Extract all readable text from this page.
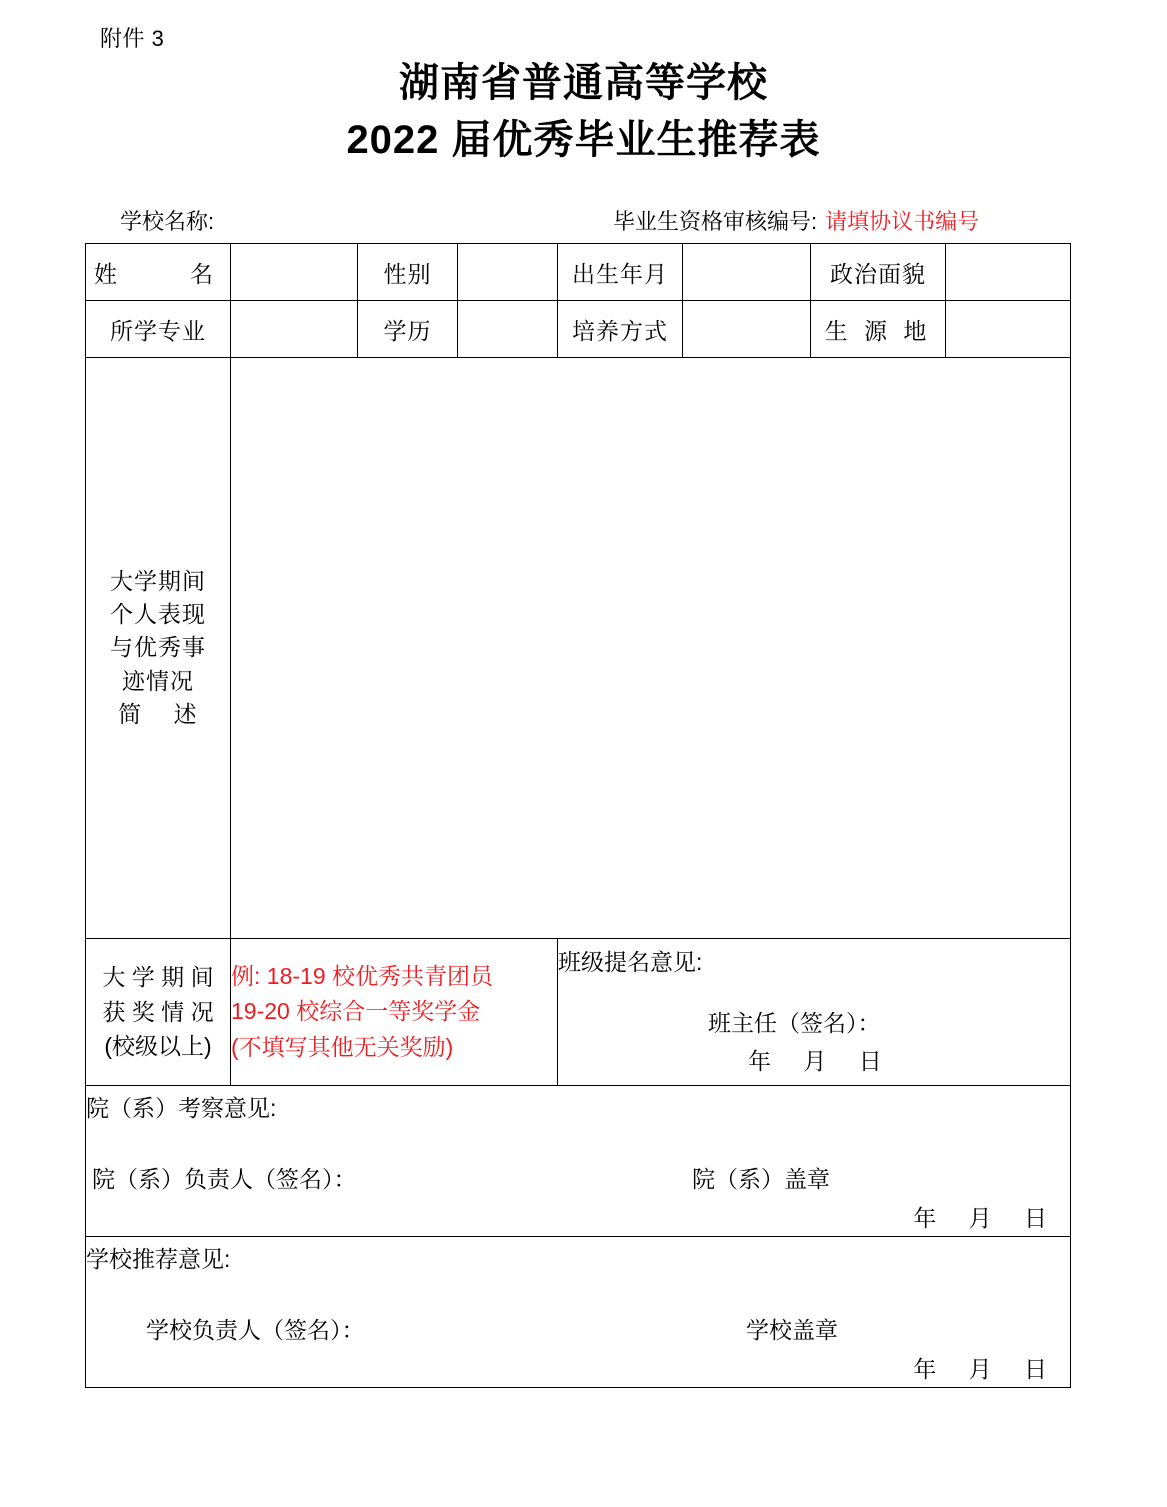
附件 3
湖南省普通高等学校
2022 届优秀毕业生推荐表
学校名称:	毕业生资格审核编号: 请填协议书编号
姓　　名		性别		出生年月		政治面貌	
所学专业		学历		培养方式		生 源 地	

大学期间
个人表现
与优秀事
迹情况
简　 述							

大 学 期 间
获 奖 情 况
(校级以上)

例: 18-19 校优秀共青团员
19-20 校综合一等奖学金
(不填写其他无关奖励)

班级提名意见:
班主任（签名）：
年　 月　 日

院（系）考察意见:
院（系）负责人（签名）： 院（系）盖章
年　 月　 日							

学校推荐意见:
学校负责人（签名）： 学校盖章
年　 月　 日							
